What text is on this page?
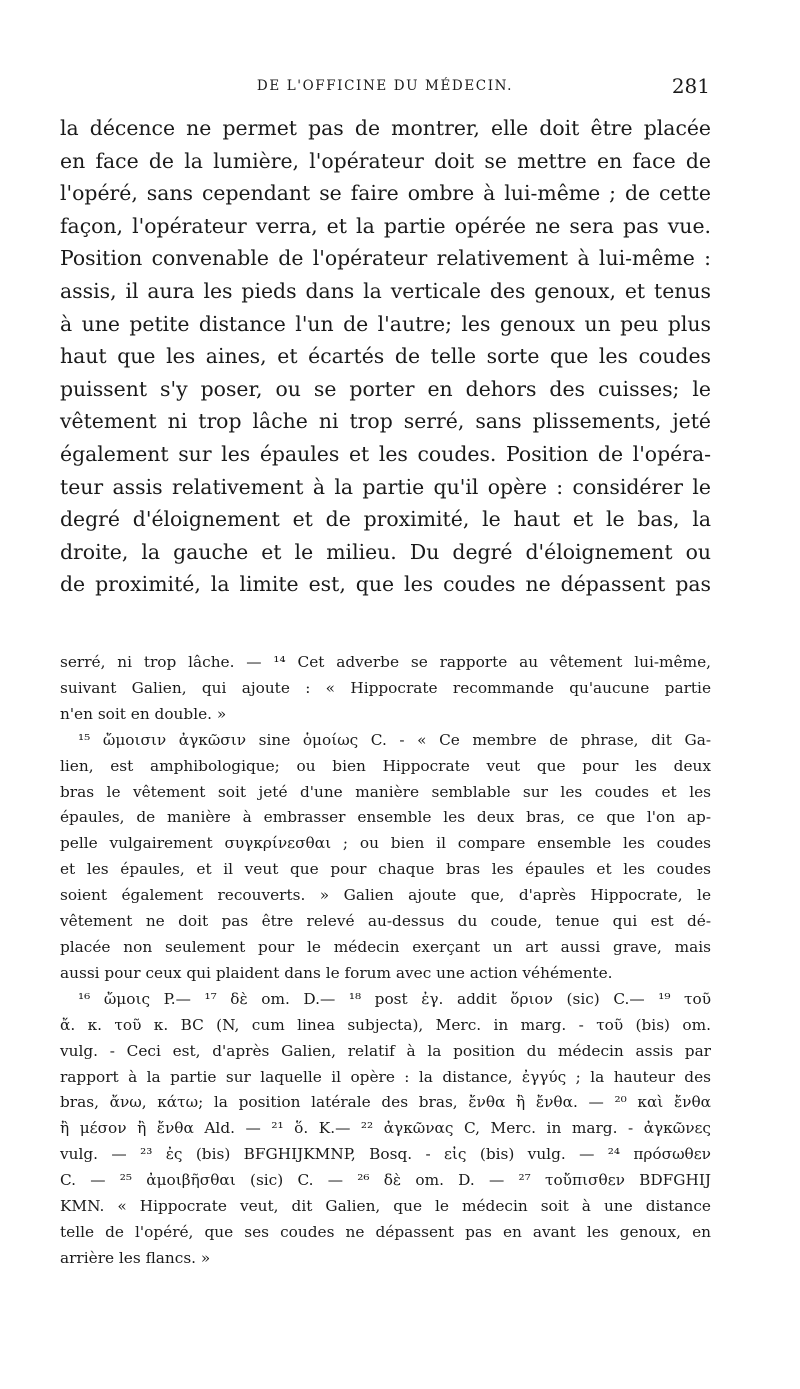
DE L'OFFICINE DU MÉDECIN.	281
la décence ne permet pas de montrer, elle doit être placée
en face de la lumière, l'opérateur doit se mettre en face de
l'opéré, sans cependant se faire ombre à lui-même ; de cette
façon, l'opérateur verra, et la partie opérée ne sera pas vue.
Position convenable de l'opérateur relativement à lui-même :
assis, il aura les pieds dans la verticale des genoux, et tenus
à une petite distance l'un de l'autre; les genoux un peu plus
haut que les aines, et écartés de telle sorte que les coudes
puissent s'y poser, ou se porter en dehors des cuisses; le
vêtement ni trop lâche ni trop serré, sans plissements, jeté
également sur les épaules et les coudes. Position de l'opéra-
teur assis relativement à la partie qu'il opère : considérer le
degré d'éloignement et de proximité, le haut et le bas, la
droite, la gauche et le milieu. Du degré d'éloignement ou
de proximité, la limite est, que les coudes ne dépassent pas
serré, ni trop lâche. — ¹⁴ Cet adverbe se rapporte au vêtement lui-même,
suivant Galien, qui ajoute : « Hippocrate recommande qu'aucune partie
n'en soit en double. »
¹⁵ ὤμοισιν ἀγκῶσιν sine ὁμοίως C. - « Ce membre de phrase, dit Ga-
lien, est amphibologique; ou bien Hippocrate veut que pour les deux
bras le vêtement soit jeté d'une manière semblable sur les coudes et les
épaules, de manière à embrasser ensemble les deux bras, ce que l'on ap-
pelle vulgairement συγκρίνεσθαι ; ou bien il compare ensemble les coudes
et les épaules, et il veut que pour chaque bras les épaules et les coudes
soient également recouverts. » Galien ajoute que, d'après Hippocrate, le
vêtement ne doit pas être relevé au-dessus du coude, tenue qui est dé-
placée non seulement pour le médecin exerçant un art aussi grave, mais
aussi pour ceux qui plaident dans le forum avec une action véhémente.
¹⁶ ὤμοις P.— ¹⁷ δὲ om. D.— ¹⁸ post ἐγ. addit ὅριον (sic) C.— ¹⁹ τοῦ
ἄ. κ. τοῦ κ. BC (N, cum linea subjecta), Merc. in marg. - τοῦ (bis) om.
vulg. - Ceci est, d'après Galien, relatif à la position du médecin assis par
rapport à la partie sur laquelle il opère : la distance, ἐγγύς ; la hauteur des
bras, ἄνω, κάτω; la position latérale des bras, ἔνθα ἢ ἔνθα. — ²⁰ καὶ ἔνθα
ἢ μέσον ἢ ἔνθα Ald. — ²¹ ὅ. K.— ²² ἀγκῶνας C, Merc. in marg. - ἀγκῶνες
vulg. — ²³ ἐς (bis) BFGHIJKMNP, Bosq. - εἰς (bis) vulg. — ²⁴ πρόσωθεν
C. — ²⁵ ἀμοιβῆσθαι (sic) C. — ²⁶ δὲ om. D. — ²⁷ τοὔπισθεν BDFGHIJ
KMN. « Hippocrate veut, dit Galien, que le médecin soit à une distance
telle de l'opéré, que ses coudes ne dépassent pas en avant les genoux, en
arrière les flancs. »
